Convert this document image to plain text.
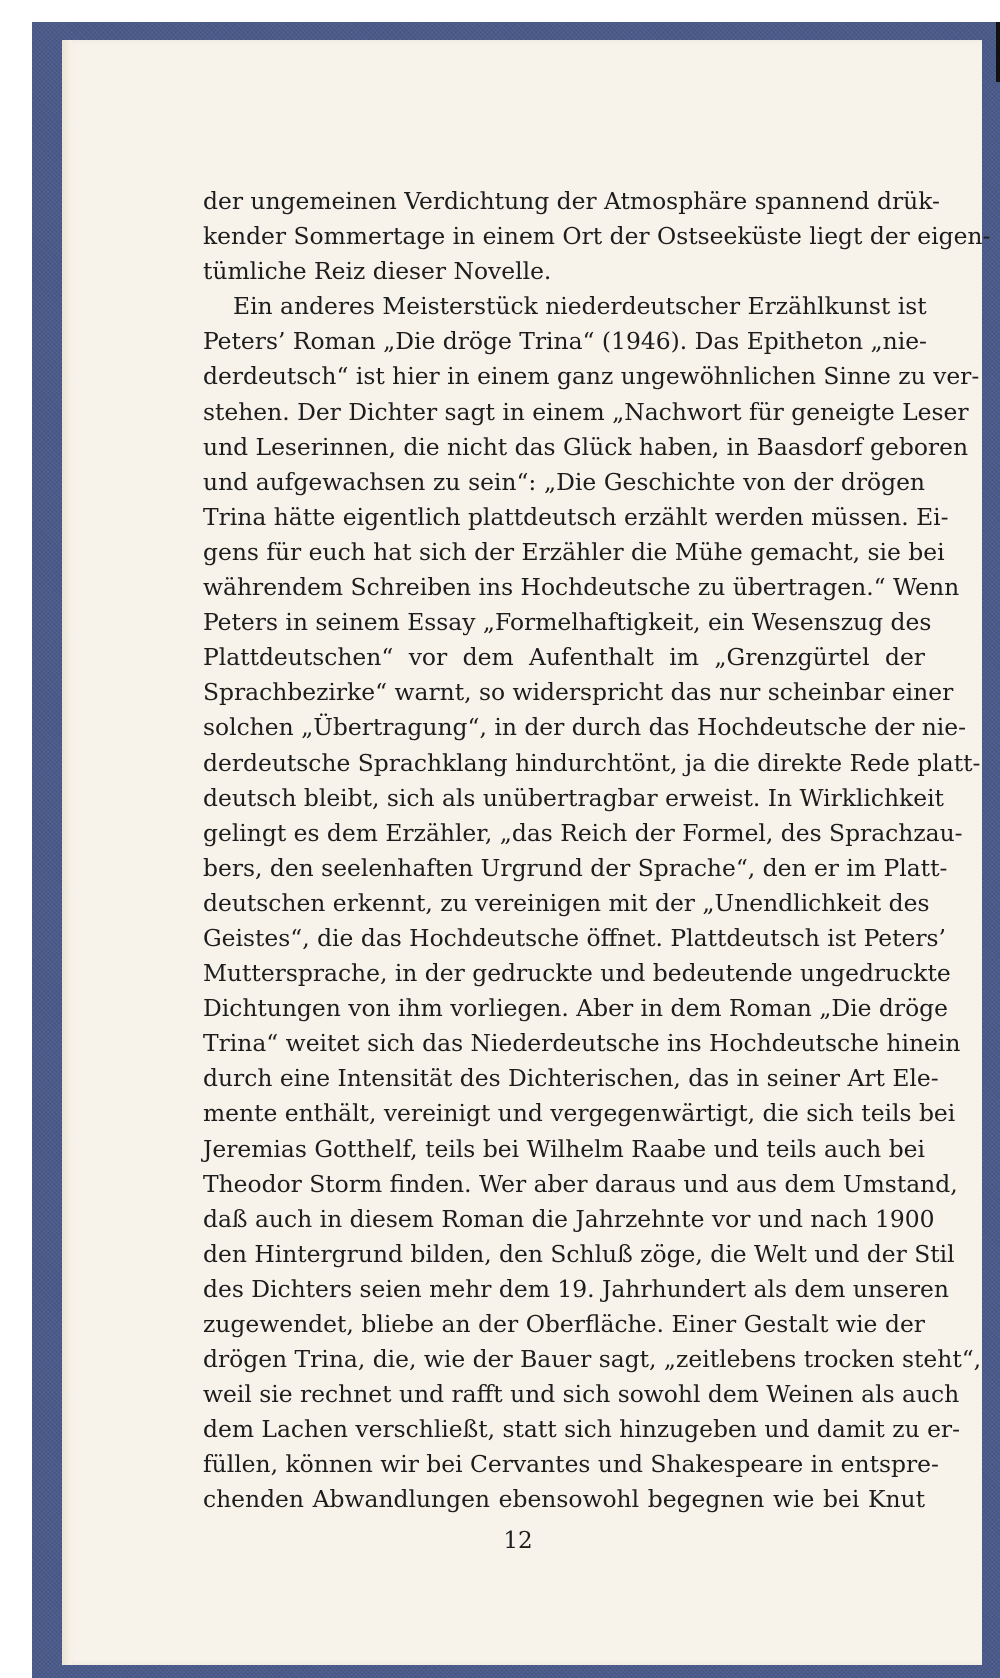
der ungemeinen Verdichtung der Atmosphäre spannend drük-
kender Sommertage in einem Ort der Ostseeküste liegt der eigen-
tümliche Reiz dieser Novelle.
Ein anderes Meisterstück niederdeutscher Erzählkunst ist
Peters’ Roman „Die dröge Trina“ (1946). Das Epitheton „nie-
derdeutsch“ ist hier in einem ganz ungewöhnlichen Sinne zu ver-
stehen. Der Dichter sagt in einem „Nachwort für geneigte Leser
und Leserinnen, die nicht das Glück haben, in Baasdorf geboren
und aufgewachsen zu sein“: „Die Geschichte von der drögen
Trina hätte eigentlich plattdeutsch erzählt werden müssen. Ei-
gens für euch hat sich der Erzähler die Mühe gemacht, sie bei
währendem Schreiben ins Hochdeutsche zu übertragen.“ Wenn
Peters in seinem Essay „Formelhaftigkeit, ein Wesenszug des
Plattdeutschen“ vor dem Aufenthalt im „Grenzgürtel der
Sprachbezirke“ warnt, so widerspricht das nur scheinbar einer
solchen „Übertragung“, in der durch das Hochdeutsche der nie-
derdeutsche Sprachklang hindurchtönt, ja die direkte Rede platt-
deutsch bleibt, sich als unübertragbar erweist. In Wirklichkeit
gelingt es dem Erzähler, „das Reich der Formel, des Sprachzau-
bers, den seelenhaften Urgrund der Sprache“, den er im Platt-
deutschen erkennt, zu vereinigen mit der „Unendlichkeit des
Geistes“, die das Hochdeutsche öffnet. Plattdeutsch ist Peters’
Muttersprache, in der gedruckte und bedeutende ungedruckte
Dichtungen von ihm vorliegen. Aber in dem Roman „Die dröge
Trina“ weitet sich das Niederdeutsche ins Hochdeutsche hinein
durch eine Intensität des Dichterischen, das in seiner Art Ele-
mente enthält, vereinigt und vergegenwärtigt, die sich teils bei
Jeremias Gotthelf, teils bei Wilhelm Raabe und teils auch bei
Theodor Storm finden. Wer aber daraus und aus dem Umstand,
daß auch in diesem Roman die Jahrzehnte vor und nach 1900
den Hintergrund bilden, den Schluß zöge, die Welt und der Stil
des Dichters seien mehr dem 19. Jahrhundert als dem unseren
zugewendet, bliebe an der Oberfläche. Einer Gestalt wie der
drögen Trina, die, wie der Bauer sagt, „zeitlebens trocken steht“,
weil sie rechnet und rafft und sich sowohl dem Weinen als auch
dem Lachen verschließt, statt sich hinzugeben und damit zu er-
füllen, können wir bei Cervantes und Shakespeare in entspre-
chenden Abwandlungen ebensowohl begegnen wie bei Knut
12
